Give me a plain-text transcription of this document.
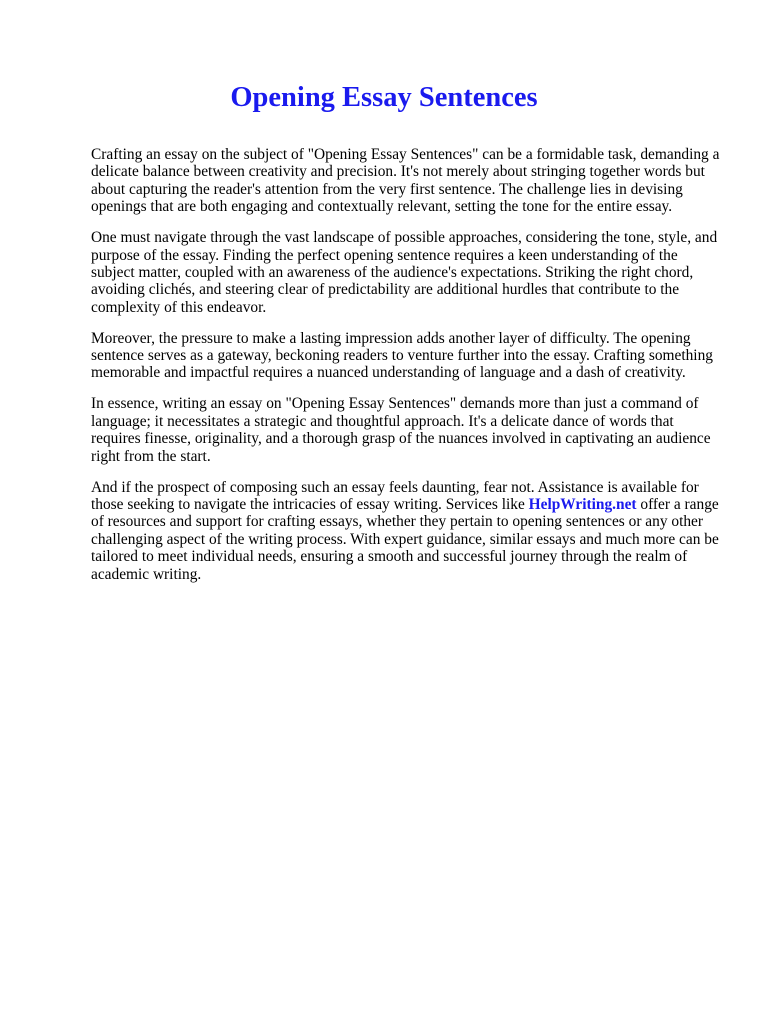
Opening Essay Sentences

Crafting an essay on the subject of "Opening Essay Sentences" can be a formidable task, demanding a delicate balance between creativity and precision. It's not merely about stringing together words but about capturing the reader's attention from the very first sentence. The challenge lies in devising openings that are both engaging and contextually relevant, setting the tone for the entire essay.

One must navigate through the vast landscape of possible approaches, considering the tone, style, and purpose of the essay. Finding the perfect opening sentence requires a keen understanding of the subject matter, coupled with an awareness of the audience's expectations. Striking the right chord, avoiding clichés, and steering clear of predictability are additional hurdles that contribute to the complexity of this endeavor.

Moreover, the pressure to make a lasting impression adds another layer of difficulty. The opening sentence serves as a gateway, beckoning readers to venture further into the essay. Crafting something memorable and impactful requires a nuanced understanding of language and a dash of creativity.

In essence, writing an essay on "Opening Essay Sentences" demands more than just a command of language; it necessitates a strategic and thoughtful approach. It's a delicate dance of words that requires finesse, originality, and a thorough grasp of the nuances involved in captivating an audience right from the start.

And if the prospect of composing such an essay feels daunting, fear not. Assistance is available for those seeking to navigate the intricacies of essay writing. Services like HelpWriting.net offer a range of resources and support for crafting essays, whether they pertain to opening sentences or any other challenging aspect of the writing process. With expert guidance, similar essays and much more can be tailored to meet individual needs, ensuring a smooth and successful journey through the realm of academic writing.
